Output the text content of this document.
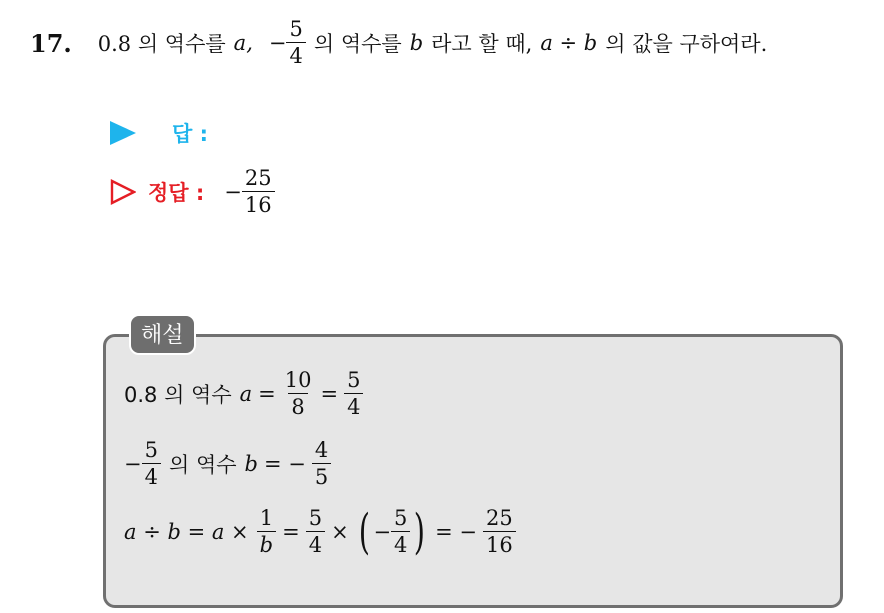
17. 0.8 의 역수를 a, − $\frac{5}{4}$ 의 역수를 b 라고 할 때, a ÷ b 의 값을 구하여라.
답 :
정답 : − $\frac{25}{16}$
해설
0.8 의 역수 $a = \frac{10}{8} = \frac{5}{4}$
− $\frac{5}{4}$ 의 역수 b = − $\frac{4}{5}$
$a \div b = a \times \frac{1}{b} = \frac{5}{4}$ × ( − $\frac{5}{4}$ ) = − $\frac{25}{16}$
